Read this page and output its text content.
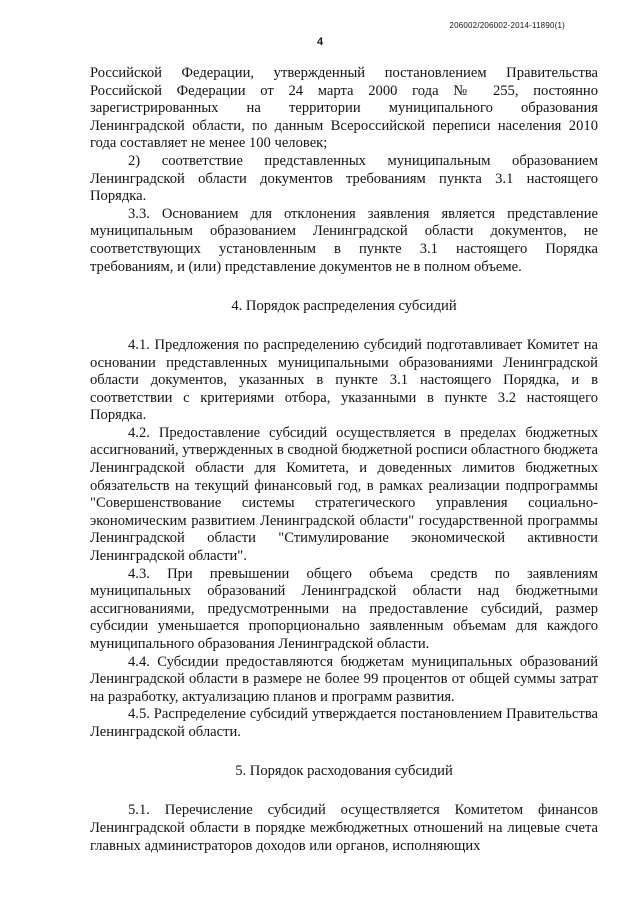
206002/206002-2014-11890(1)
4

Российской Федерации, утвержденный постановлением Правительства Российской Федерации от 24 марта 2000 года № 255, постоянно зарегистрированных на территории муниципального образования Ленинградской области, по данным Всероссийской переписи населения 2010 года составляет не менее 100 человек;

2) соответствие представленных муниципальным образованием Ленинградской области документов требованиям пункта 3.1 настоящего Порядка.

3.3. Основанием для отклонения заявления является представление муниципальным образованием Ленинградской области документов, не соответствующих установленным в пункте 3.1 настоящего Порядка требованиям, и (или) представление документов не в полном объеме.

4. Порядок распределения субсидий

4.1. Предложения по распределению субсидий подготавливает Комитет на основании представленных муниципальными образованиями Ленинградской области документов, указанных в пункте 3.1 настоящего Порядка, и в соответствии с критериями отбора, указанными в пункте 3.2 настоящего Порядка.

4.2. Предоставление субсидий осуществляется в пределах бюджетных ассигнований, утвержденных в сводной бюджетной росписи областного бюджета Ленинградской области для Комитета, и доведенных лимитов бюджетных обязательств на текущий финансовый год, в рамках реализации подпрограммы "Совершенствование системы стратегического управления социально-экономическим развитием Ленинградской области" государственной программы Ленинградской области "Стимулирование экономической активности Ленинградской области".

4.3. При превышении общего объема средств по заявлениям муниципальных образований Ленинградской области над бюджетными ассигнованиями, предусмотренными на предоставление субсидий, размер субсидии уменьшается пропорционально заявленным объемам для каждого муниципального образования Ленинградской области.

4.4. Субсидии предоставляются бюджетам муниципальных образований Ленинградской области в размере не более 99 процентов от общей суммы затрат на разработку, актуализацию планов и программ развития.

4.5. Распределение субсидий утверждается постановлением Правительства Ленинградской области.

5. Порядок расходования субсидий

5.1. Перечисление субсидий осуществляется Комитетом финансов Ленинградской области в порядке межбюджетных отношений на лицевые счета главных администраторов доходов или органов, исполняющих
